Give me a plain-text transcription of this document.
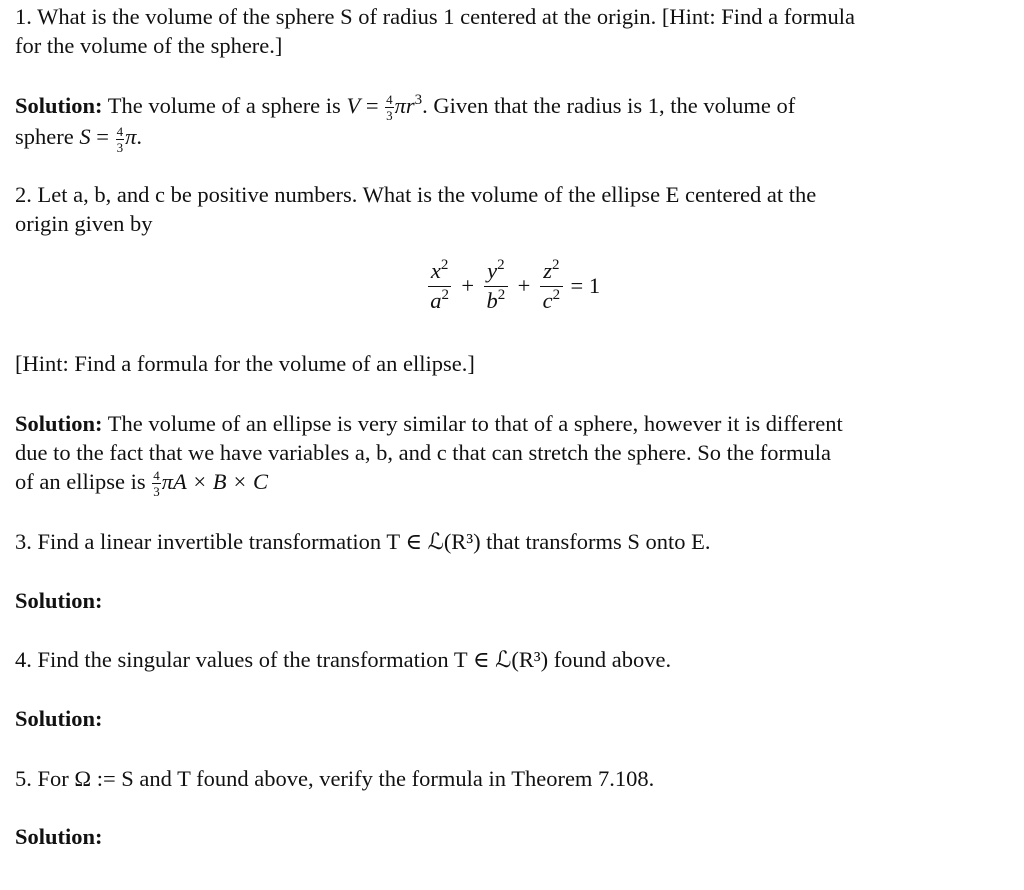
1. What is the volume of the sphere S of radius 1 centered at the origin. [Hint: Find a formula

for the volume of the sphere.]

Solution: The volume of a sphere is $V = \frac{4}{3} \pi r^3$. Given that the radius is 1, the volume of

sphere $S = \frac{4}{3} \pi$.

2. Let a, b, and c be positive numbers. What is the volume of the ellipse E centered at the

origin given by

$\frac{x^2}{a^2} + \frac{y^2}{b^2} + \frac{z^2}{c^2} = 1$

[Hint: Find a formula for the volume of an ellipse.]

Solution: The volume of an ellipse is very similar to that of a sphere, however it is different

due to the fact that we have variables a, b, and c that can stretch the sphere. So the formula

of an ellipse is $\frac{4}{3}$ πA × B × C

3. Find a linear invertible transformation T ∈ ℒ(R³) that transforms S onto E.

Solution:

4. Find the singular values of the transformation T ∈ ℒ(R³) found above.

Solution:

5. For Ω := S and T found above, verify the formula in Theorem 7.108.

Solution:
